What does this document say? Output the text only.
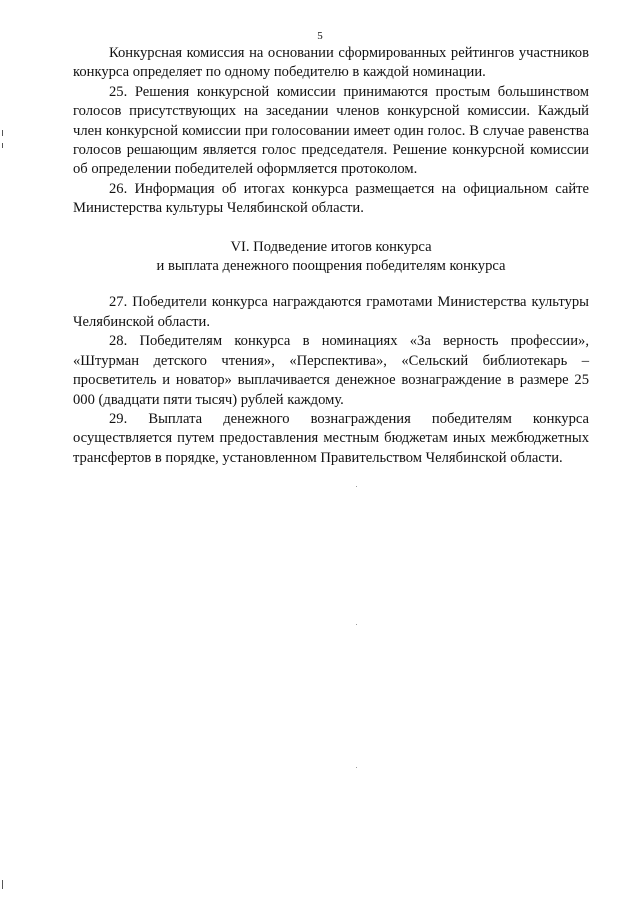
5

Конкурсная комиссия на основании сформированных рейтингов участников конкурса определяет по одному победителю в каждой номинации.

25. Решения конкурсной комиссии принимаются простым большинством голосов присутствующих на заседании членов конкурсной комиссии. Каждый член конкурсной комиссии при голосовании имеет один голос. В случае равенства голосов решающим является голос председателя. Решение конкурсной комиссии об определении победителей оформляется протоколом.

26. Информация об итогах конкурса размещается на официальном сайте Министерства культуры Челябинской области.

VI. Подведение итогов конкурса
и выплата денежного поощрения победителям конкурса

27. Победители конкурса награждаются грамотами Министерства культуры Челябинской области.

28. Победителям конкурса в номинациях «За верность профессии», «Штурман детского чтения», «Перспектива», «Сельский библиотекарь – просветитель и новатор» выплачивается денежное вознаграждение в размере 25 000 (двадцати пяти тысяч) рублей каждому.

29. Выплата денежного вознаграждения победителям конкурса осуществляется путем предоставления местным бюджетам иных межбюджетных трансфертов в порядке, установленном Правительством Челябинской области.
